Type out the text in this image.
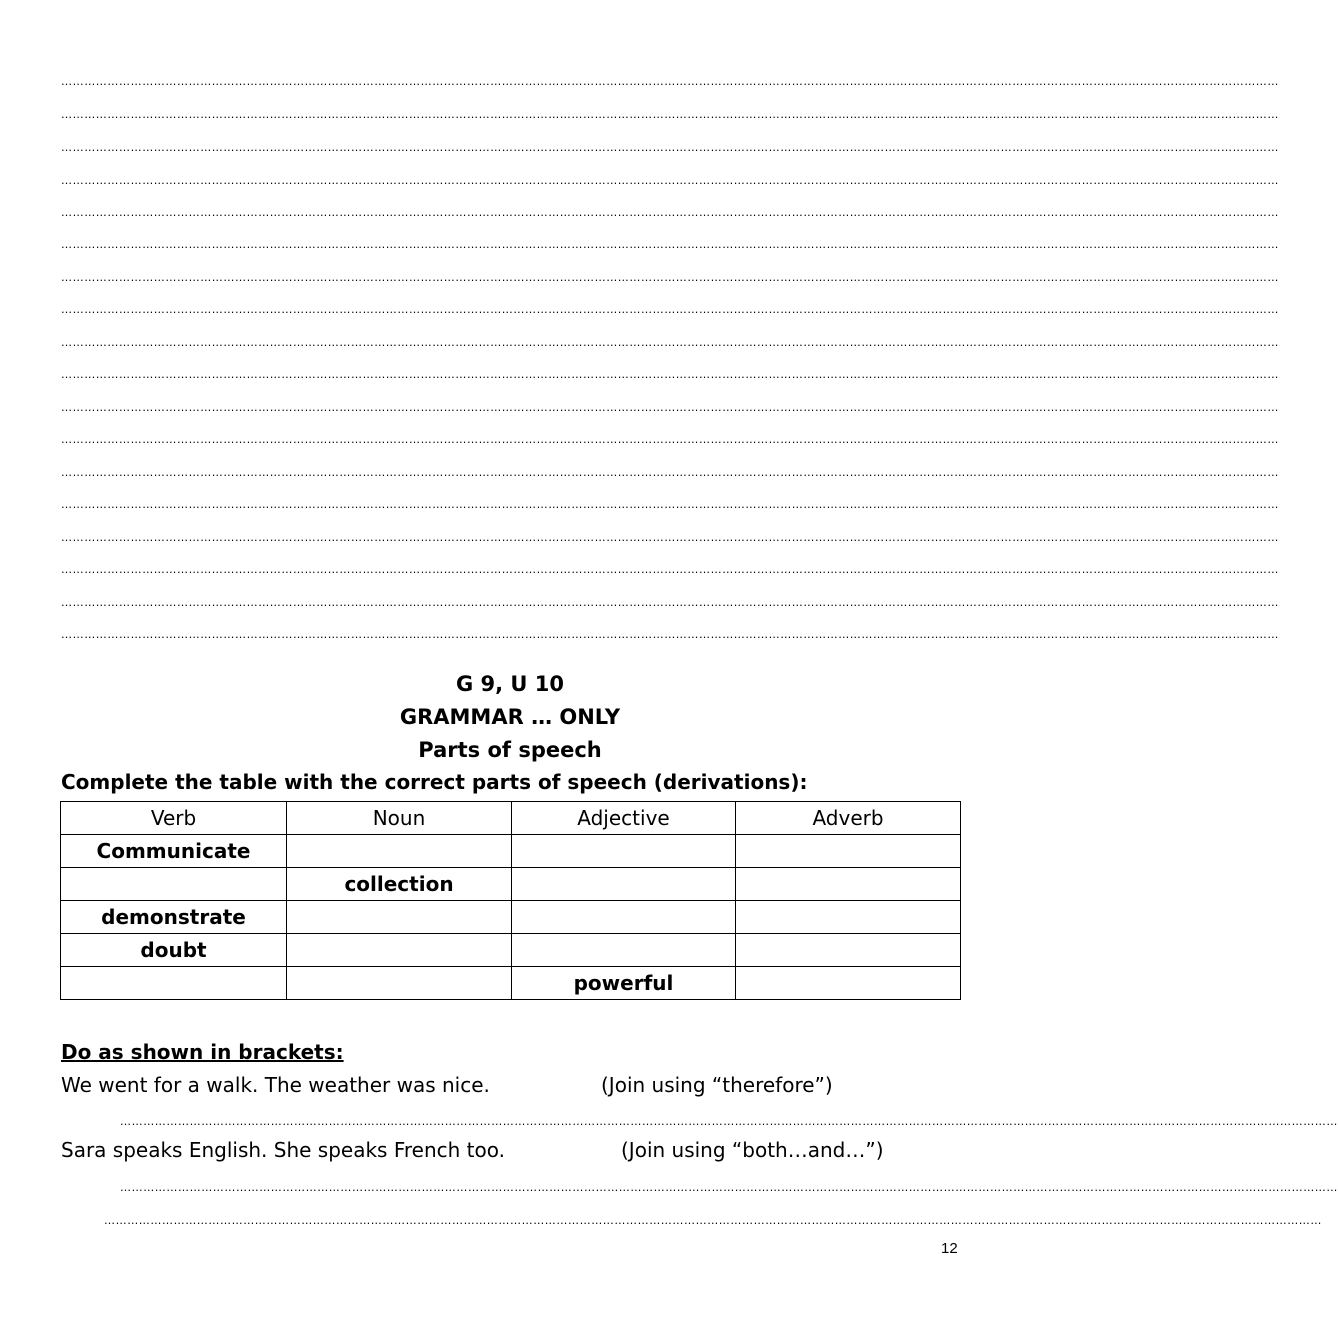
………………………………………………………………………………………………………………………………………………………………………………………………………………………………………………………………………………………
………………………………………………………………………………………………………………………………………………………………………………………………………………………………………………………………………………………
………………………………………………………………………………………………………………………………………………………………………………………………………………………………………………………………………………………
………………………………………………………………………………………………………………………………………………………………………………………………………………………………………………………………………………………
………………………………………………………………………………………………………………………………………………………………………………………………………………………………………………………………………………………
………………………………………………………………………………………………………………………………………………………………………………………………………………………………………………………………………………………
………………………………………………………………………………………………………………………………………………………………………………………………………………………………………………………………………………………
………………………………………………………………………………………………………………………………………………………………………………………………………………………………………………………………………………………
………………………………………………………………………………………………………………………………………………………………………………………………………………………………………………………………………………………
………………………………………………………………………………………………………………………………………………………………………………………………………………………………………………………………………………………
………………………………………………………………………………………………………………………………………………………………………………………………………………………………………………………………………………………
………………………………………………………………………………………………………………………………………………………………………………………………………………………………………………………………………………………
………………………………………………………………………………………………………………………………………………………………………………………………………………………………………………………………………………………
………………………………………………………………………………………………………………………………………………………………………………………………………………………………………………………………………………………
………………………………………………………………………………………………………………………………………………………………………………………………………………………………………………………………………………………
………………………………………………………………………………………………………………………………………………………………………………………………………………………………………………………………………………………
………………………………………………………………………………………………………………………………………………………………………………………………………………………………………………………………………………………
………………………………………………………………………………………………………………………………………………………………………………………………………………………………………………………………………………………
G 9, U 10
GRAMMAR … ONLY
Parts of speech
Complete the table with the correct parts of speech (derivations):
Verb	Noun	Adjective	Adverb
Communicate			
	collection		
demonstrate			
doubt			
		powerful	
Do as shown in brackets:
We went for a walk. The weather was nice.	(Join using “therefore”)
………………………………………………………………………………………………………………………………………………………………………………………………………………………………………………………………………………………
Sara speaks English. She speaks French too.	(Join using “both…and…”)
………………………………………………………………………………………………………………………………………………………………………………………………………………………………………………………………………………………
………………………………………………………………………………………………………………………………………………………………………………………………………………………………………………………………………………………
12
